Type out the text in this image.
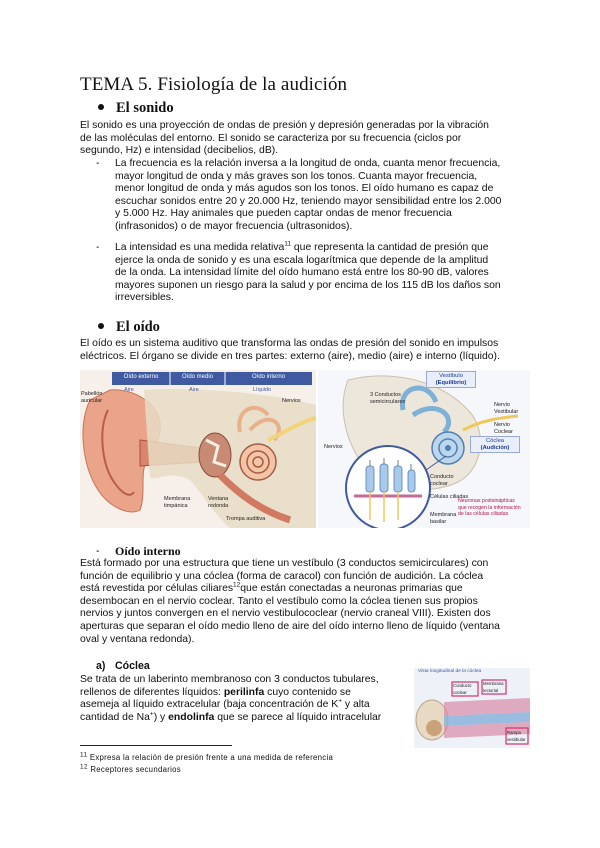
TEMA 5. Fisiología de la audición
El sonido
El sonido es una proyección de ondas de presión y depresión generadas por la vibración
de las moléculas del entorno. El sonido se caracteriza por su frecuencia (ciclos por
segundo, Hz) e intensidad (decibelios, dB).
- La frecuencia es la relación inversa a la longitud de onda, cuanta menor frecuencia,
mayor longitud de onda y más graves son los tonos. Cuanta mayor frecuencia,
menor longitud de onda y más agudos son los tonos. El oído humano es capaz de
escuchar sonidos entre 20 y 20.000 Hz, teniendo mayor sensibilidad entre los 2.000
y 5.000 Hz. Hay animales que pueden captar ondas de menor frecuencia
(infrasonidos) o de mayor frecuencia (ultrasonidos).
- La intensidad es una medida relativa$^{11}$ que representa la cantidad de presión que
ejerce la onda de sonido y es una escala logarítmica que depende de la amplitud
de la onda. La intensidad límite del oído humano está entre los 80-90 dB, valores
mayores suponen un riesgo para la salud y por encima de los 115 dB los daños son
irreversibles.
El oído
El oído es un sistema auditivo que transforma las ondas de presión del sonido en impulsos
eléctricos. El órgano se divide en tres partes: externo (aire), medio (aire) e interno (líquido).
Oído externo	Oído medio	Oído interno
Aire	Aire	Líquido
Pabellón auricular	Nervios
Membrana timpánica
Ventana redonda
Trompa auditiva
Vestíbulo
(Equilibrio)
3 Conductos semicirculares
Nervio Vestibular
Nervio Coclear
Cóclea
(Audición)
Conducto coclear
Nervios
Células ciliadas
Membrana basilar
Neuronas postsinápticas
que recogen la información
de las células ciliadas
- Oído interno
Está formado por una estructura que tiene un vestíbulo (3 conductos semicirculares) con
función de equilibrio y una cóclea (forma de caracol) con función de audición. La cóclea
está revestida por células ciliares$^{12}$que están conectadas a neuronas primarias que
desembocan en el nervio coclear. Tanto el vestíbulo como la cóclea tienen sus propios
nervios y juntos convergen en el nervio vestibulococlear (nervio craneal VIII). Existen dos
aperturas que separan el oído medio lleno de aire del oído interno lleno de líquido (ventana
oval y ventana redonda).
a) Cóclea
Se trata de un laberinto membranoso con 3 conductos tubulares,
rellenos de diferentes líquidos: perilinfa cuyo contenido se
asemeja al líquido extracelular (baja concentración de K+ y alta
cantidad de Na+) y endolinfa que se parece al líquido intracelular
Vista longitudinal de la cóclea
Conducto coclear
Membrana tectorial
Rampa vestibular
$^{11}$ Expresa la relación de presión frente a una medida de referencia
$^{12}$ Receptores secundarios
